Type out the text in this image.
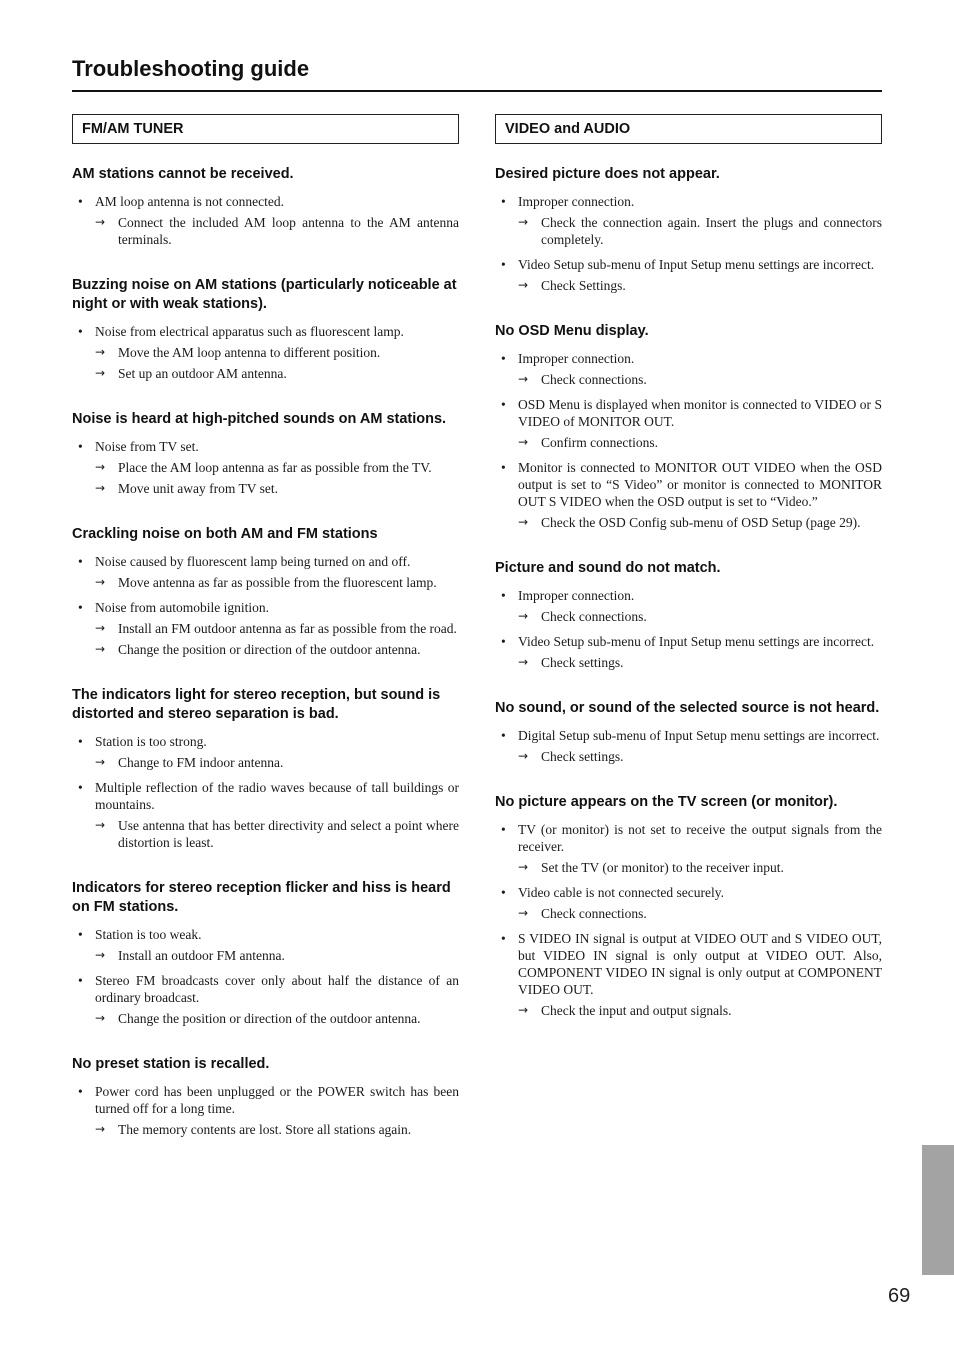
Troubleshooting guide
FM/AM TUNER
AM stations cannot be received.
• AM loop antenna is not connected.
→ Connect the included AM loop antenna to the AM antenna terminals.
Buzzing noise on AM stations (particularly noticeable at night or with weak stations).
• Noise from electrical apparatus such as fluorescent lamp.
→ Move the AM loop antenna to different position.
→ Set up an outdoor AM antenna.
Noise is heard at high-pitched sounds on AM stations.
• Noise from TV set.
→ Place the AM loop antenna as far as possible from the TV.
→ Move unit away from TV set.
Crackling noise on both AM and FM stations
• Noise caused by fluorescent lamp being turned on and off.
→ Move antenna as far as possible from the fluorescent lamp.
• Noise from automobile ignition.
→ Install an FM outdoor antenna as far as possible from the road.
→ Change the position or direction of the outdoor antenna.
The indicators light for stereo reception, but sound is distorted and stereo separation is bad.
• Station is too strong.
→ Change to FM indoor antenna.
• Multiple reflection of the radio waves because of tall buildings or mountains.
→ Use antenna that has better directivity and select a point where distortion is least.
Indicators for stereo reception flicker and hiss is heard on FM stations.
• Station is too weak.
→ Install an outdoor FM antenna.
• Stereo FM broadcasts cover only about half the distance of an ordinary broadcast.
→ Change the position or direction of the outdoor antenna.
No preset station is recalled.
• Power cord has been unplugged or the POWER switch has been turned off for a long time.
→ The memory contents are lost. Store all stations again.
VIDEO and AUDIO
Desired picture does not appear.
• Improper connection.
→ Check the connection again. Insert the plugs and connectors completely.
• Video Setup sub-menu of Input Setup menu settings are incorrect.
→ Check Settings.
No OSD Menu display.
• Improper connection.
→ Check connections.
• OSD Menu is displayed when monitor is connected to VIDEO or S VIDEO of MONITOR OUT.
→ Confirm connections.
• Monitor is connected to MONITOR OUT VIDEO when the OSD output is set to “S Video” or monitor is connected to MONITOR OUT S VIDEO when the OSD output is set to “Video.”
→ Check the OSD Config sub-menu of OSD Setup (page 29).
Picture and sound do not match.
• Improper connection.
→ Check connections.
• Video Setup sub-menu of Input Setup menu settings are incorrect.
→ Check settings.
No sound, or sound of the selected source is not heard.
• Digital Setup sub-menu of Input Setup menu settings are incorrect.
→ Check settings.
No picture appears on the TV screen (or monitor).
• TV (or monitor) is not set to receive the output signals from the receiver.
→ Set the TV (or monitor) to the receiver input.
• Video cable is not connected securely.
→ Check connections.
• S VIDEO IN signal is output at VIDEO OUT and S VIDEO OUT, but VIDEO IN signal is only output at VIDEO OUT. Also, COMPONENT VIDEO IN signal is only output at COMPONENT VIDEO OUT.
→ Check the input and output signals.
69
